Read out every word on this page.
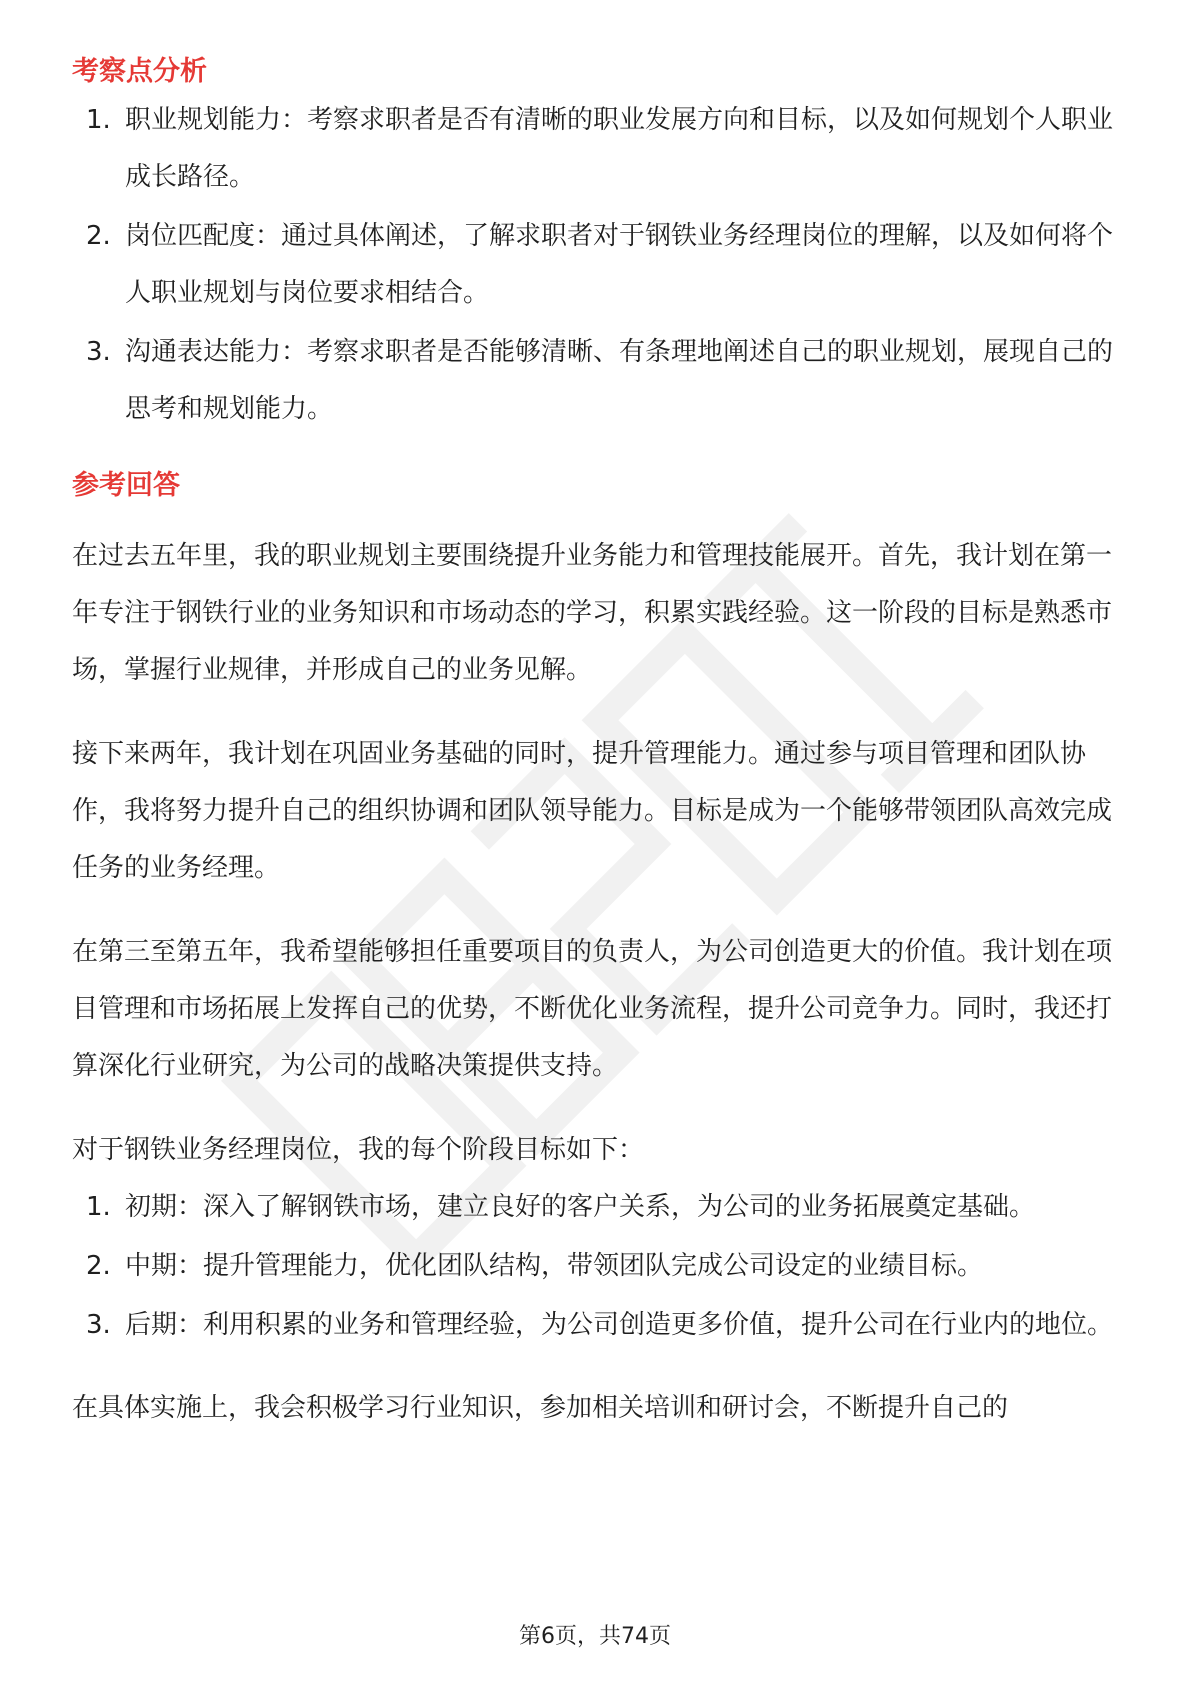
考察点分析
1. 职业规划能力：考察求职者是否有清晰的职业发展方向和目标，以及如何规划个人职业成长路径。
2. 岗位匹配度：通过具体阐述，了解求职者对于钢铁业务经理岗位的理解，以及如何将个人职业规划与岗位要求相结合。
3. 沟通表达能力：考察求职者是否能够清晰、有条理地阐述自己的职业规划，展现自己的思考和规划能力。
参考回答

在过去五年里，我的职业规划主要围绕提升业务能力和管理技能展开。首先，我计划在第一年专注于钢铁行业的业务知识和市场动态的学习，积累实践经验。这一阶段的目标是熟悉市场，掌握行业规律，并形成自己的业务见解。

接下来两年，我计划在巩固业务基础的同时，提升管理能力。通过参与项目管理和团队协作，我将努力提升自己的组织协调和团队领导能力。目标是成为一个能够带领团队高效完成任务的业务经理。

在第三至第五年，我希望能够担任重要项目的负责人，为公司创造更大的价值。我计划在项目管理和市场拓展上发挥自己的优势，不断优化业务流程，提升公司竞争力。同时，我还打算深化行业研究，为公司的战略决策提供支持。

对于钢铁业务经理岗位，我的每个阶段目标如下：

1. 初期：深入了解钢铁市场，建立良好的客户关系，为公司的业务拓展奠定基础。
2. 中期：提升管理能力，优化团队结构，带领团队完成公司设定的业绩目标。
3. 后期：利用积累的业务和管理经验，为公司创造更多价值，提升公司在行业内的地位。

在具体实施上，我会积极学习行业知识，参加相关培训和研讨会，不断提升自己的

第6页，共74页
